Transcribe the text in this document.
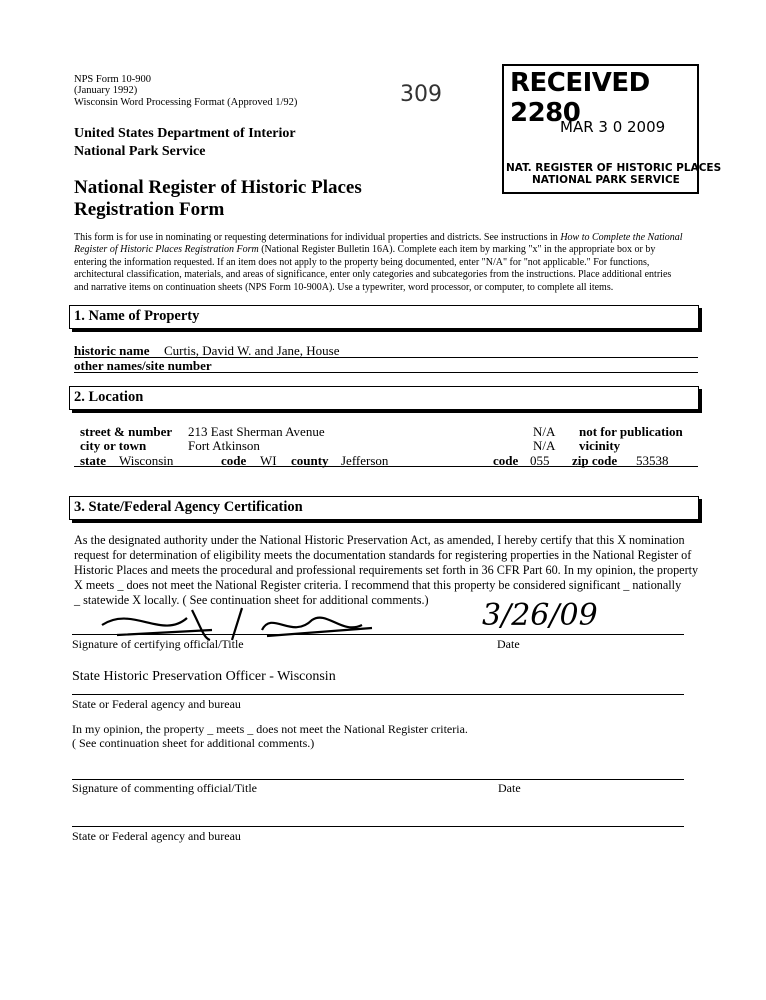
NPS Form 10-900
(January 1992)
Wisconsin Word Processing Format (Approved 1/92)	309
United States Department of Interior
National Park Service
National Register of Historic Places
Registration Form
RECEIVED 2280
MAR 3 0 2009
NAT. REGISTER OF HISTORIC PLACES
NATIONAL PARK SERVICE
This form is for use in nominating or requesting determinations for individual properties and districts. See instructions in How to Complete the National
Register of Historic Places Registration Form (National Register Bulletin 16A). Complete each item by marking "x" in the appropriate box or by
entering the information requested. If an item does not apply to the property being documented, enter "N/A" for "not applicable." For functions,
architectural classification, materials, and areas of significance, enter only categories and subcategories from the instructions. Place additional entries
and narrative items on continuation sheets (NPS Form 10-900A). Use a typewriter, word processor, or computer, to complete all items.
1. Name of Property
historic name Curtis, David W. and Jane, House
other names/site number
2. Location
street & number 213 East Sherman Avenue	N/A not for publication
city or town	Fort Atkinson	N/A vicinity
state Wisconsin	code WI county Jefferson	code 055 zip code 53538
3. State/Federal Agency Certification
As the designated authority under the National Historic Preservation Act, as amended, I hereby certify that this X nomination
request for determination of eligibility meets the documentation standards for registering properties in the National Register of
Historic Places and meets the procedural and professional requirements set forth in 36 CFR Part 60. In my opinion, the property
X meets _ does not meet the National Register criteria. I recommend that this property be considered significant _ nationally
_ statewide X locally. ( See continuation sheet for additional comments.)	3/26/09
Signature of certifying official/Title	Date
State Historic Preservation Officer - Wisconsin
State or Federal agency and bureau
In my opinion, the property _ meets _ does not meet the National Register criteria.
( See continuation sheet for additional comments.)
Signature of commenting official/Title	Date
State or Federal agency and bureau
